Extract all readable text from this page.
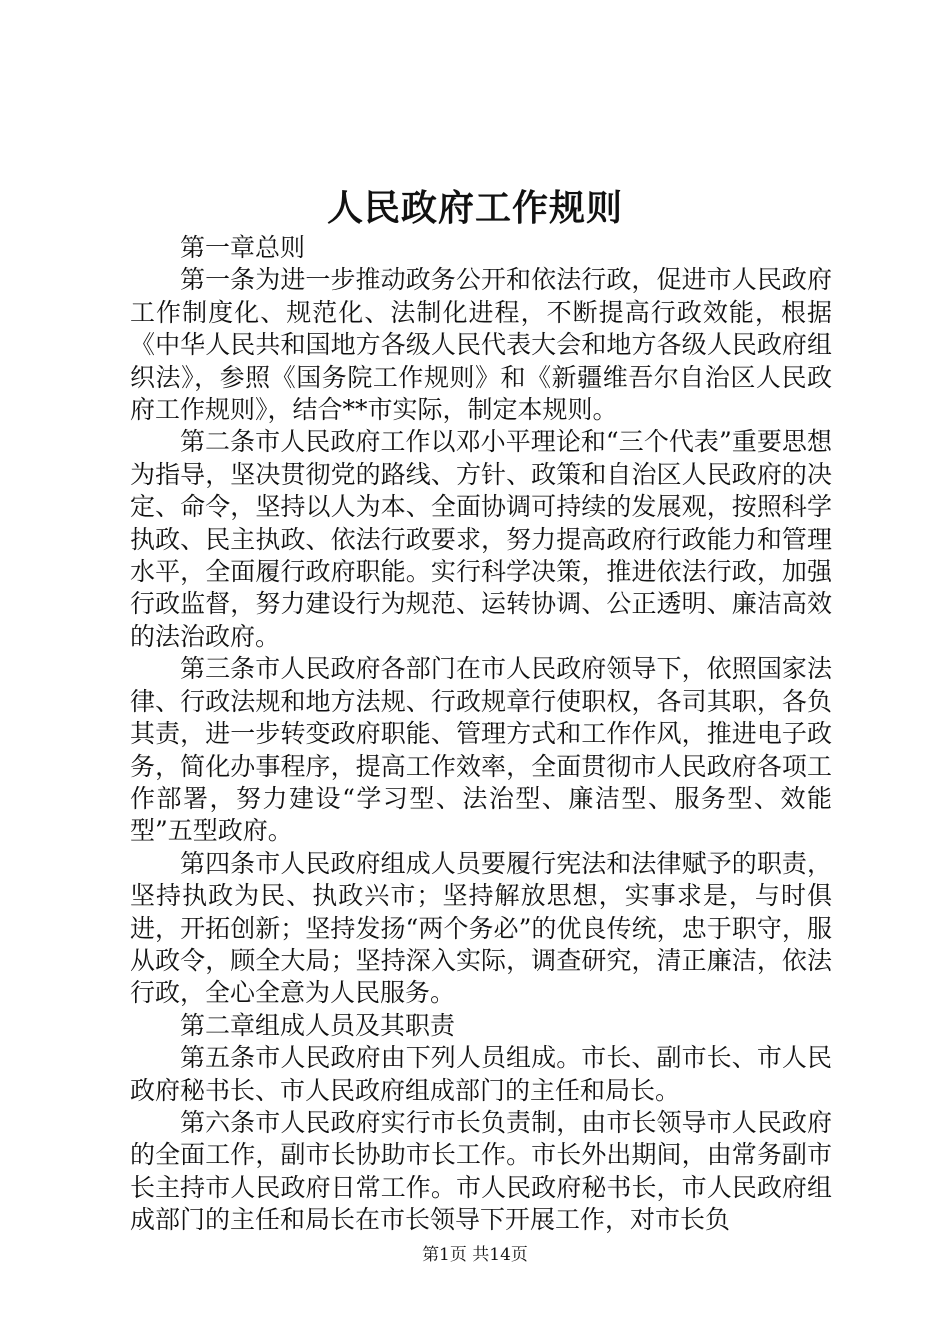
人民政府工作规则

第一章总则

第一条为进一步推动政务公开和依法行政，促进市人民政府工作制度化、规范化、法制化进程，不断提高行政效能，根据《中华人民共和国地方各级人民代表大会和地方各级人民政府组织法》，参照《国务院工作规则》和《新疆维吾尔自治区人民政府工作规则》，结合**市实际，制定本规则。

第二条市人民政府工作以邓小平理论和“三个代表”重要思想为指导，坚决贯彻党的路线、方针、政策和自治区人民政府的决定、命令，坚持以人为本、全面协调可持续的发展观，按照科学执政、民主执政、依法行政要求，努力提高政府行政能力和管理水平，全面履行政府职能。实行科学决策，推进依法行政，加强行政监督，努力建设行为规范、运转协调、公正透明、廉洁高效的法治政府。

第三条市人民政府各部门在市人民政府领导下，依照国家法律、行政法规和地方法规、行政规章行使职权，各司其职，各负其责，进一步转变政府职能、管理方式和工作作风，推进电子政务，简化办事程序，提高工作效率，全面贯彻市人民政府各项工作部署，努力建设“学习型、法治型、廉洁型、服务型、效能型”五型政府。

第四条市人民政府组成人员要履行宪法和法律赋予的职责，坚持执政为民、执政兴市；坚持解放思想，实事求是，与时俱进，开拓创新；坚持发扬“两个务必”的优良传统，忠于职守，服从政令，顾全大局；坚持深入实际，调查研究，清正廉洁，依法行政，全心全意为人民服务。

第二章组成人员及其职责

第五条市人民政府由下列人员组成。市长、副市长、市人民政府秘书长、市人民政府组成部门的主任和局长。

第六条市人民政府实行市长负责制，由市长领导市人民政府的全面工作，副市长协助市长工作。市长外出期间，由常务副市长主持市人民政府日常工作。市人民政府秘书长，市人民政府组成部门的主任和局长在市长领导下开展工作，对市长负

第1页 共14页
